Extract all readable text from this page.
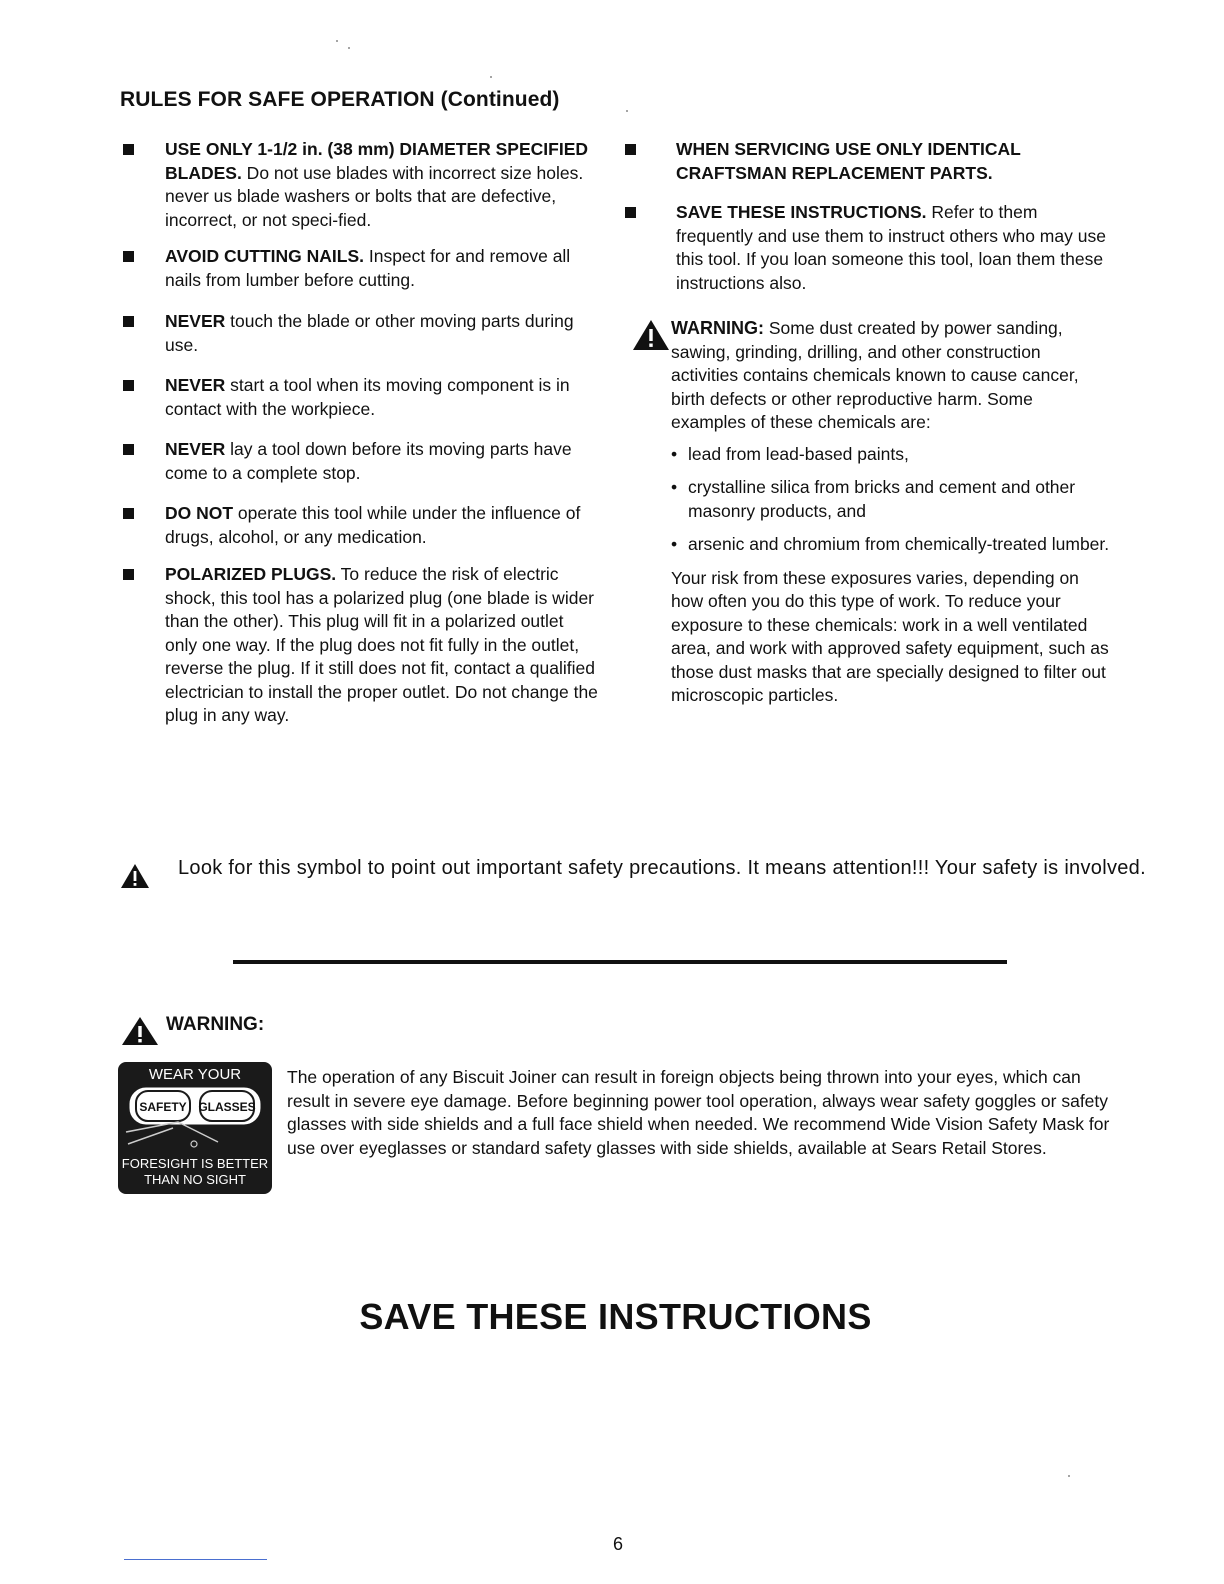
RULES FOR SAFE OPERATION (Continued)
USE ONLY 1-1/2 in. (38 mm) DIAMETER SPECIFIED BLADES. Do not use blades with incorrect size holes. never us blade washers or bolts that are defective, incorrect, or not speci-fied.
AVOID CUTTING NAILS. Inspect for and remove all nails from lumber before cutting.
NEVER touch the blade or other moving parts during use.
NEVER start a tool when its moving component is in contact with the workpiece.
NEVER lay a tool down before its moving parts have come to a complete stop.
DO NOT operate this tool while under the influence of drugs, alcohol, or any medication.
POLARIZED PLUGS. To reduce the risk of electric shock, this tool has a polarized plug (one blade is wider than the other). This plug will fit in a polarized outlet only one way. If the plug does not fit fully in the outlet, reverse the plug. If it still does not fit, contact a qualified electrician to install the proper outlet. Do not change the plug in any way.
WHEN SERVICING USE ONLY IDENTICAL CRAFTSMAN REPLACEMENT PARTS.
SAVE THESE INSTRUCTIONS. Refer to them frequently and use them to instruct others who may use this tool. If you loan someone this tool, loan them these instructions also.
WARNING: Some dust created by power sanding, sawing, grinding, drilling, and other construction activities contains chemicals known to cause cancer, birth defects or other reproductive harm. Some examples of these chemicals are:
• lead from lead-based paints,
• crystalline silica from bricks and cement and other masonry products, and
• arsenic and chromium from chemically-treated lumber.
Your risk from these exposures varies, depending on how often you do this type of work. To reduce your exposure to these chemicals: work in a well ventilated area, and work with approved safety equipment, such as those dust masks that are specially designed to filter out microscopic particles.
Look for this symbol to point out important safety precautions. It means attention!!! Your safety is involved.
WARNING:
WEAR YOUR
SAFETY GLASSES
FORESIGHT IS BETTER
THAN NO SIGHT
The operation of any Biscuit Joiner can result in foreign objects being thrown into your eyes, which can result in severe eye damage. Before beginning power tool operation, always wear safety goggles or safety glasses with side shields and a full face shield when needed. We recommend Wide Vision Safety Mask for use over eyeglasses or standard safety glasses with side shields, available at Sears Retail Stores.
SAVE THESE INSTRUCTIONS
6
